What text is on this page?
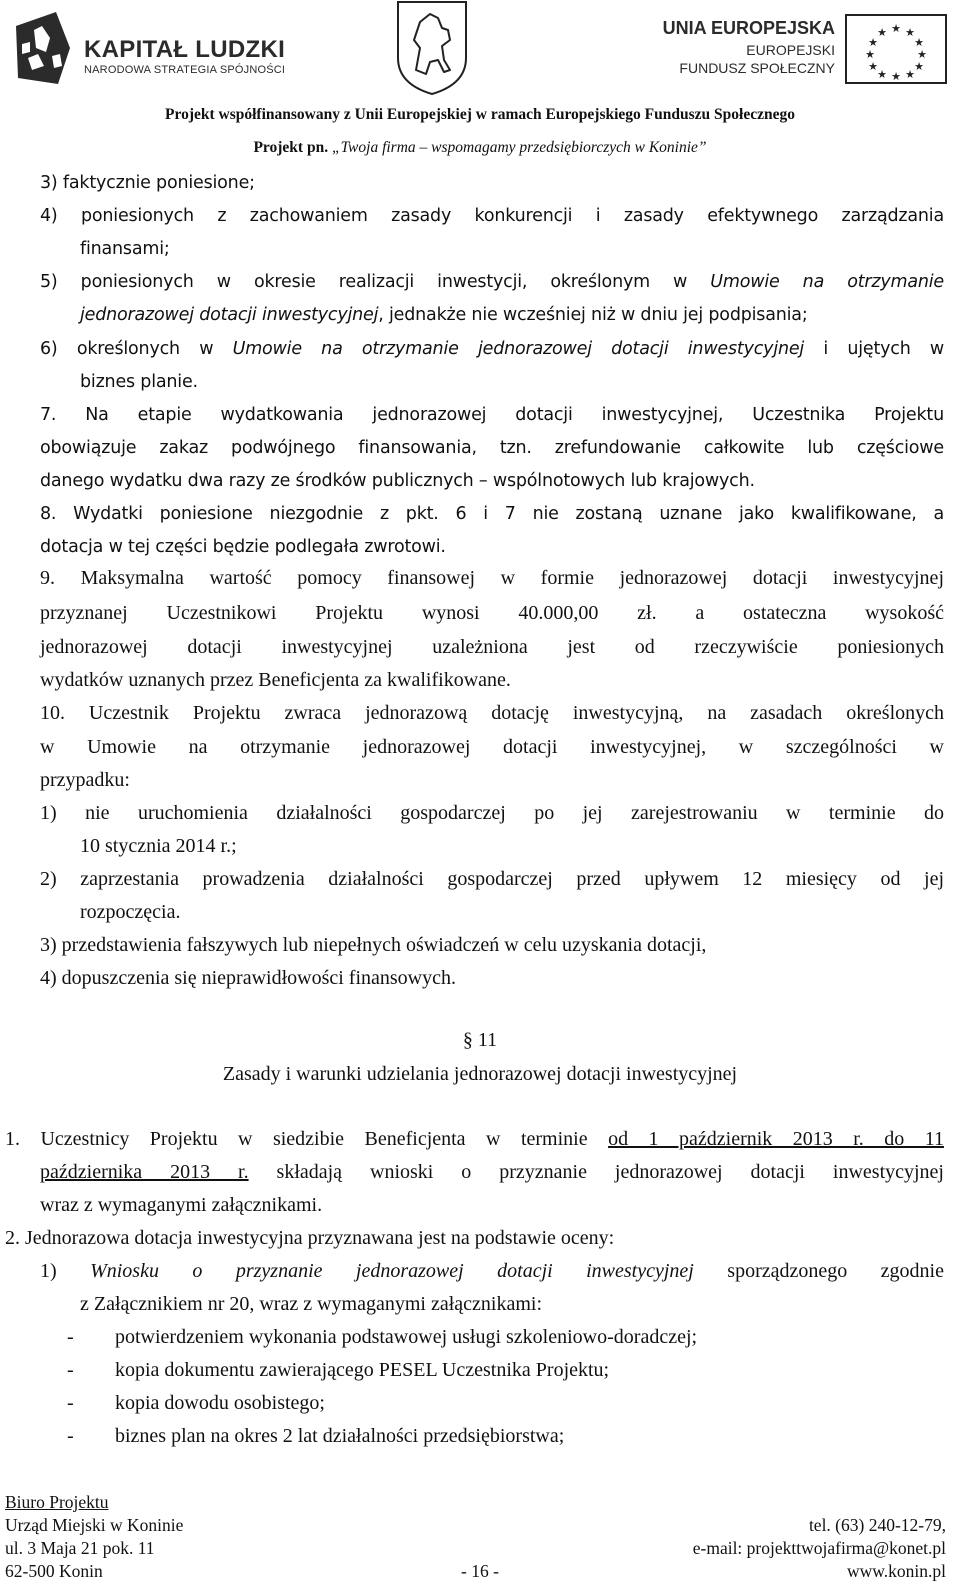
KAPITAŁ LUDZKI
NARODOWA STRATEGIA SPÓJNOŚCI
UNIA EUROPEJSKA
EUROPEJSKI
FUNDUSZ SPOŁECZNY
★ ★
★
★
★
★
★
★
★
★
★
★
Projekt współfinansowany z Unii Europejskiej w ramach Europejskiego Funduszu Społecznego
Projekt pn. „Twoja firma – wspomagamy przedsiębiorczych w Koninie”
3) faktycznie poniesione;
4) poniesionych z zachowaniem zasady konkurencji i zasady efektywnego zarządzania
finansami;
5) poniesionych w okresie realizacji inwestycji, określonym w Umowie na otrzymanie
jednorazowej dotacji inwestycyjnej, jednakże nie wcześniej niż w dniu jej podpisania;
6) określonych w Umowie na otrzymanie jednorazowej dotacji inwestycyjnej i ujętych w
biznes planie.
7. Na etapie wydatkowania jednorazowej dotacji inwestycyjnej, Uczestnika Projektu
obowiązuje zakaz podwójnego finansowania, tzn. zrefundowanie całkowite lub częściowe
danego wydatku dwa razy ze środków publicznych – wspólnotowych lub krajowych.
8. Wydatki poniesione niezgodnie z pkt. 6 i 7 nie zostaną uznane jako kwalifikowane, a
dotacja w tej części będzie podlegała zwrotowi.
9. Maksymalna wartość pomocy finansowej w formie jednorazowej dotacji inwestycyjnej
przyznanej Uczestnikowi Projektu wynosi 40.000,00 zł. a ostateczna wysokość
jednorazowej dotacji inwestycyjnej uzależniona jest od rzeczywiście poniesionych
wydatków uznanych przez Beneficjenta za kwalifikowane.
10. Uczestnik Projektu zwraca jednorazową dotację inwestycyjną, na zasadach określonych
w Umowie na otrzymanie jednorazowej dotacji inwestycyjnej, w szczególności w
przypadku:
1) nie uruchomienia działalności gospodarczej po jej zarejestrowaniu w terminie do
10 stycznia 2014 r.;
2) zaprzestania prowadzenia działalności gospodarczej przed upływem 12 miesięcy od jej
rozpoczęcia.
3) przedstawienia fałszywych lub niepełnych oświadczeń w celu uzyskania dotacji,
4) dopuszczenia się nieprawidłowości finansowych.
§ 11
Zasady i warunki udzielania jednorazowej dotacji inwestycyjnej
1. Uczestnicy Projektu w siedzibie Beneficjenta w terminie od 1 październik 2013 r. do 11
października 2013 r. składają wnioski o przyznanie jednorazowej dotacji inwestycyjnej
wraz z wymaganymi załącznikami.
2. Jednorazowa dotacja inwestycyjna przyznawana jest na podstawie oceny:
1) Wniosku o przyznanie jednorazowej dotacji inwestycyjnej sporządzonego zgodnie
z Załącznikiem nr 20, wraz z wymaganymi załącznikami:
- potwierdzeniem wykonania podstawowej usługi szkoleniowo-doradczej;
- kopia dokumentu zawierającego PESEL Uczestnika Projektu;
- kopia dowodu osobistego;
- biznes plan na okres 2 lat działalności przedsiębiorstwa;
Biuro Projektu
Urząd Miejski w Koninie
ul. 3 Maja 21 pok. 11
62-500 Konin	- 16 -
tel. (63) 240-12-79,
e-mail: projekttwojafirma@konet.pl
www.konin.pl
